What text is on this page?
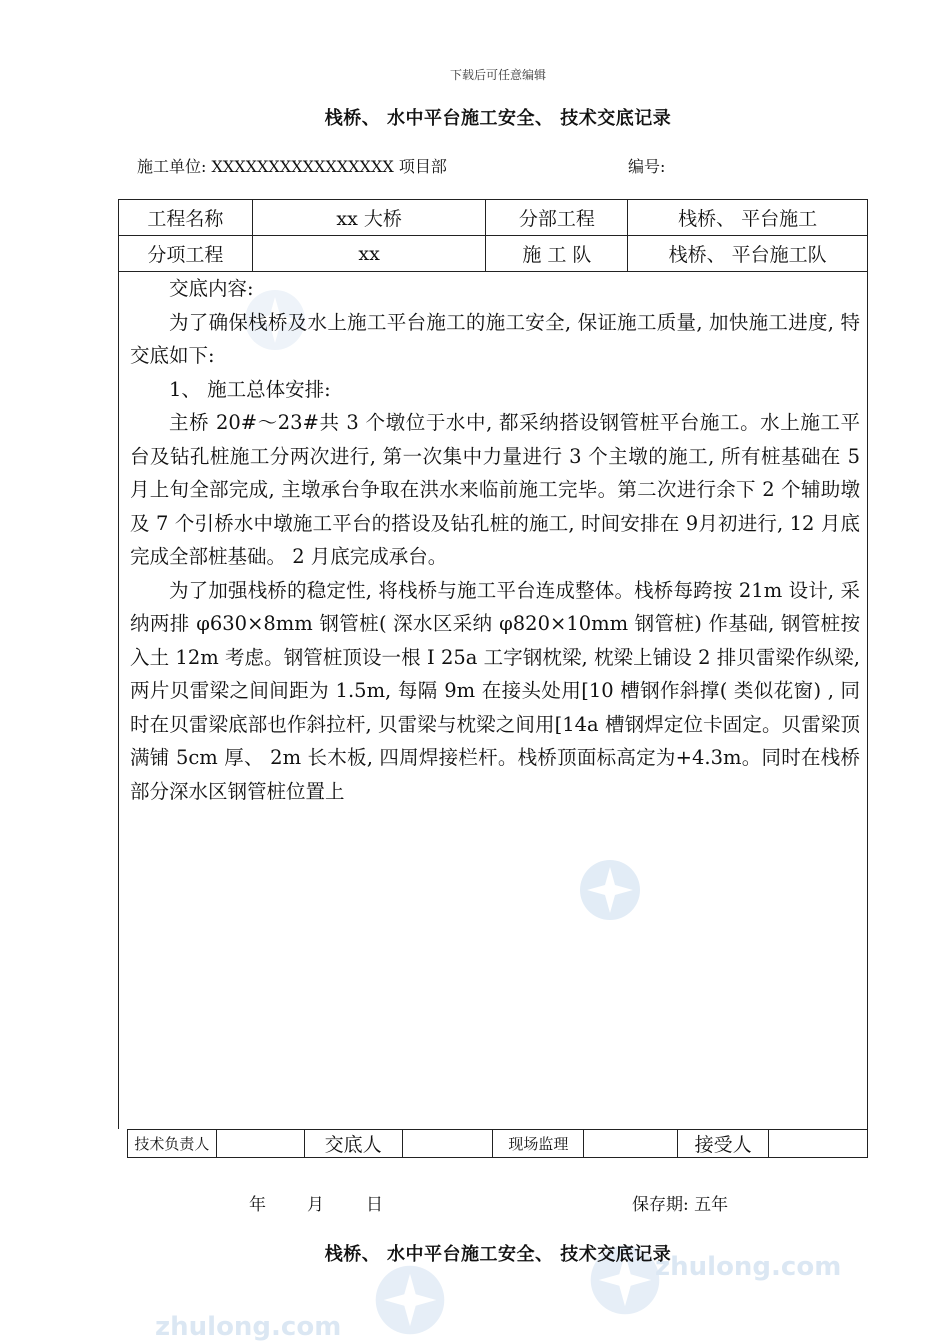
zhulong.com
zhulong.com
下载后可任意编辑
栈桥、 水中平台施工安全、 技术交底记录
施工单位: XXXXXXXXXXXXXXXX 项目部	编号:
工程名称	xx 大桥	分部工程	栈桥、 平台施工
分项工程	xx	施 工 队	栈桥、 平台施工队

交底内容:

为了确保栈桥及水上施工平台施工的施工安全, 保证施工质量, 加快施工进度, 特交底如下:

1、 施工总体安排:

主桥 20#～23#共 3 个墩位于水中, 都采纳搭设钢管桩平台施工。水上施工平台及钻孔桩施工分两次进行, 第一次集中力量进行 3 个主墩的施工, 所有桩基础在 5月上旬全部完成, 主墩承台争取在洪水来临前施工完毕。第二次进行余下 2 个辅助墩及 7 个引桥水中墩施工平台的搭设及钻孔桩的施工, 时间安排在 9月初进行, 12 月底完成全部桩基础。 2 月底完成承台。

为了加强栈桥的稳定性, 将栈桥与施工平台连成整体。栈桥每跨按 21m 设计, 采纳两排 φ630×8mm 钢管桩( 深水区采纳 φ820×10mm 钢管桩) 作基础, 钢管桩按入土 12m 考虑。钢管桩顶设一根 I 25a 工字钢枕梁, 枕梁上铺设 2 排贝雷梁作纵梁, 两片贝雷梁之间间距为 1.5m, 每隔 9m 在接头处用[10 槽钢作斜撑( 类似花窗) , 同时在贝雷梁底部也作斜拉杆, 贝雷梁与枕梁之间用[14a 槽钢焊定位卡固定。贝雷梁顶满铺 5cm 厚、 2m 长木板, 四周焊接栏杆。栈桥顶面标高定为+4.3m。同时在栈桥部分深水区钢管桩位置上

技术负责人		交底人		现场监理		接受人	
年 月 日	保存期: 五年
栈桥、 水中平台施工安全、 技术交底记录
